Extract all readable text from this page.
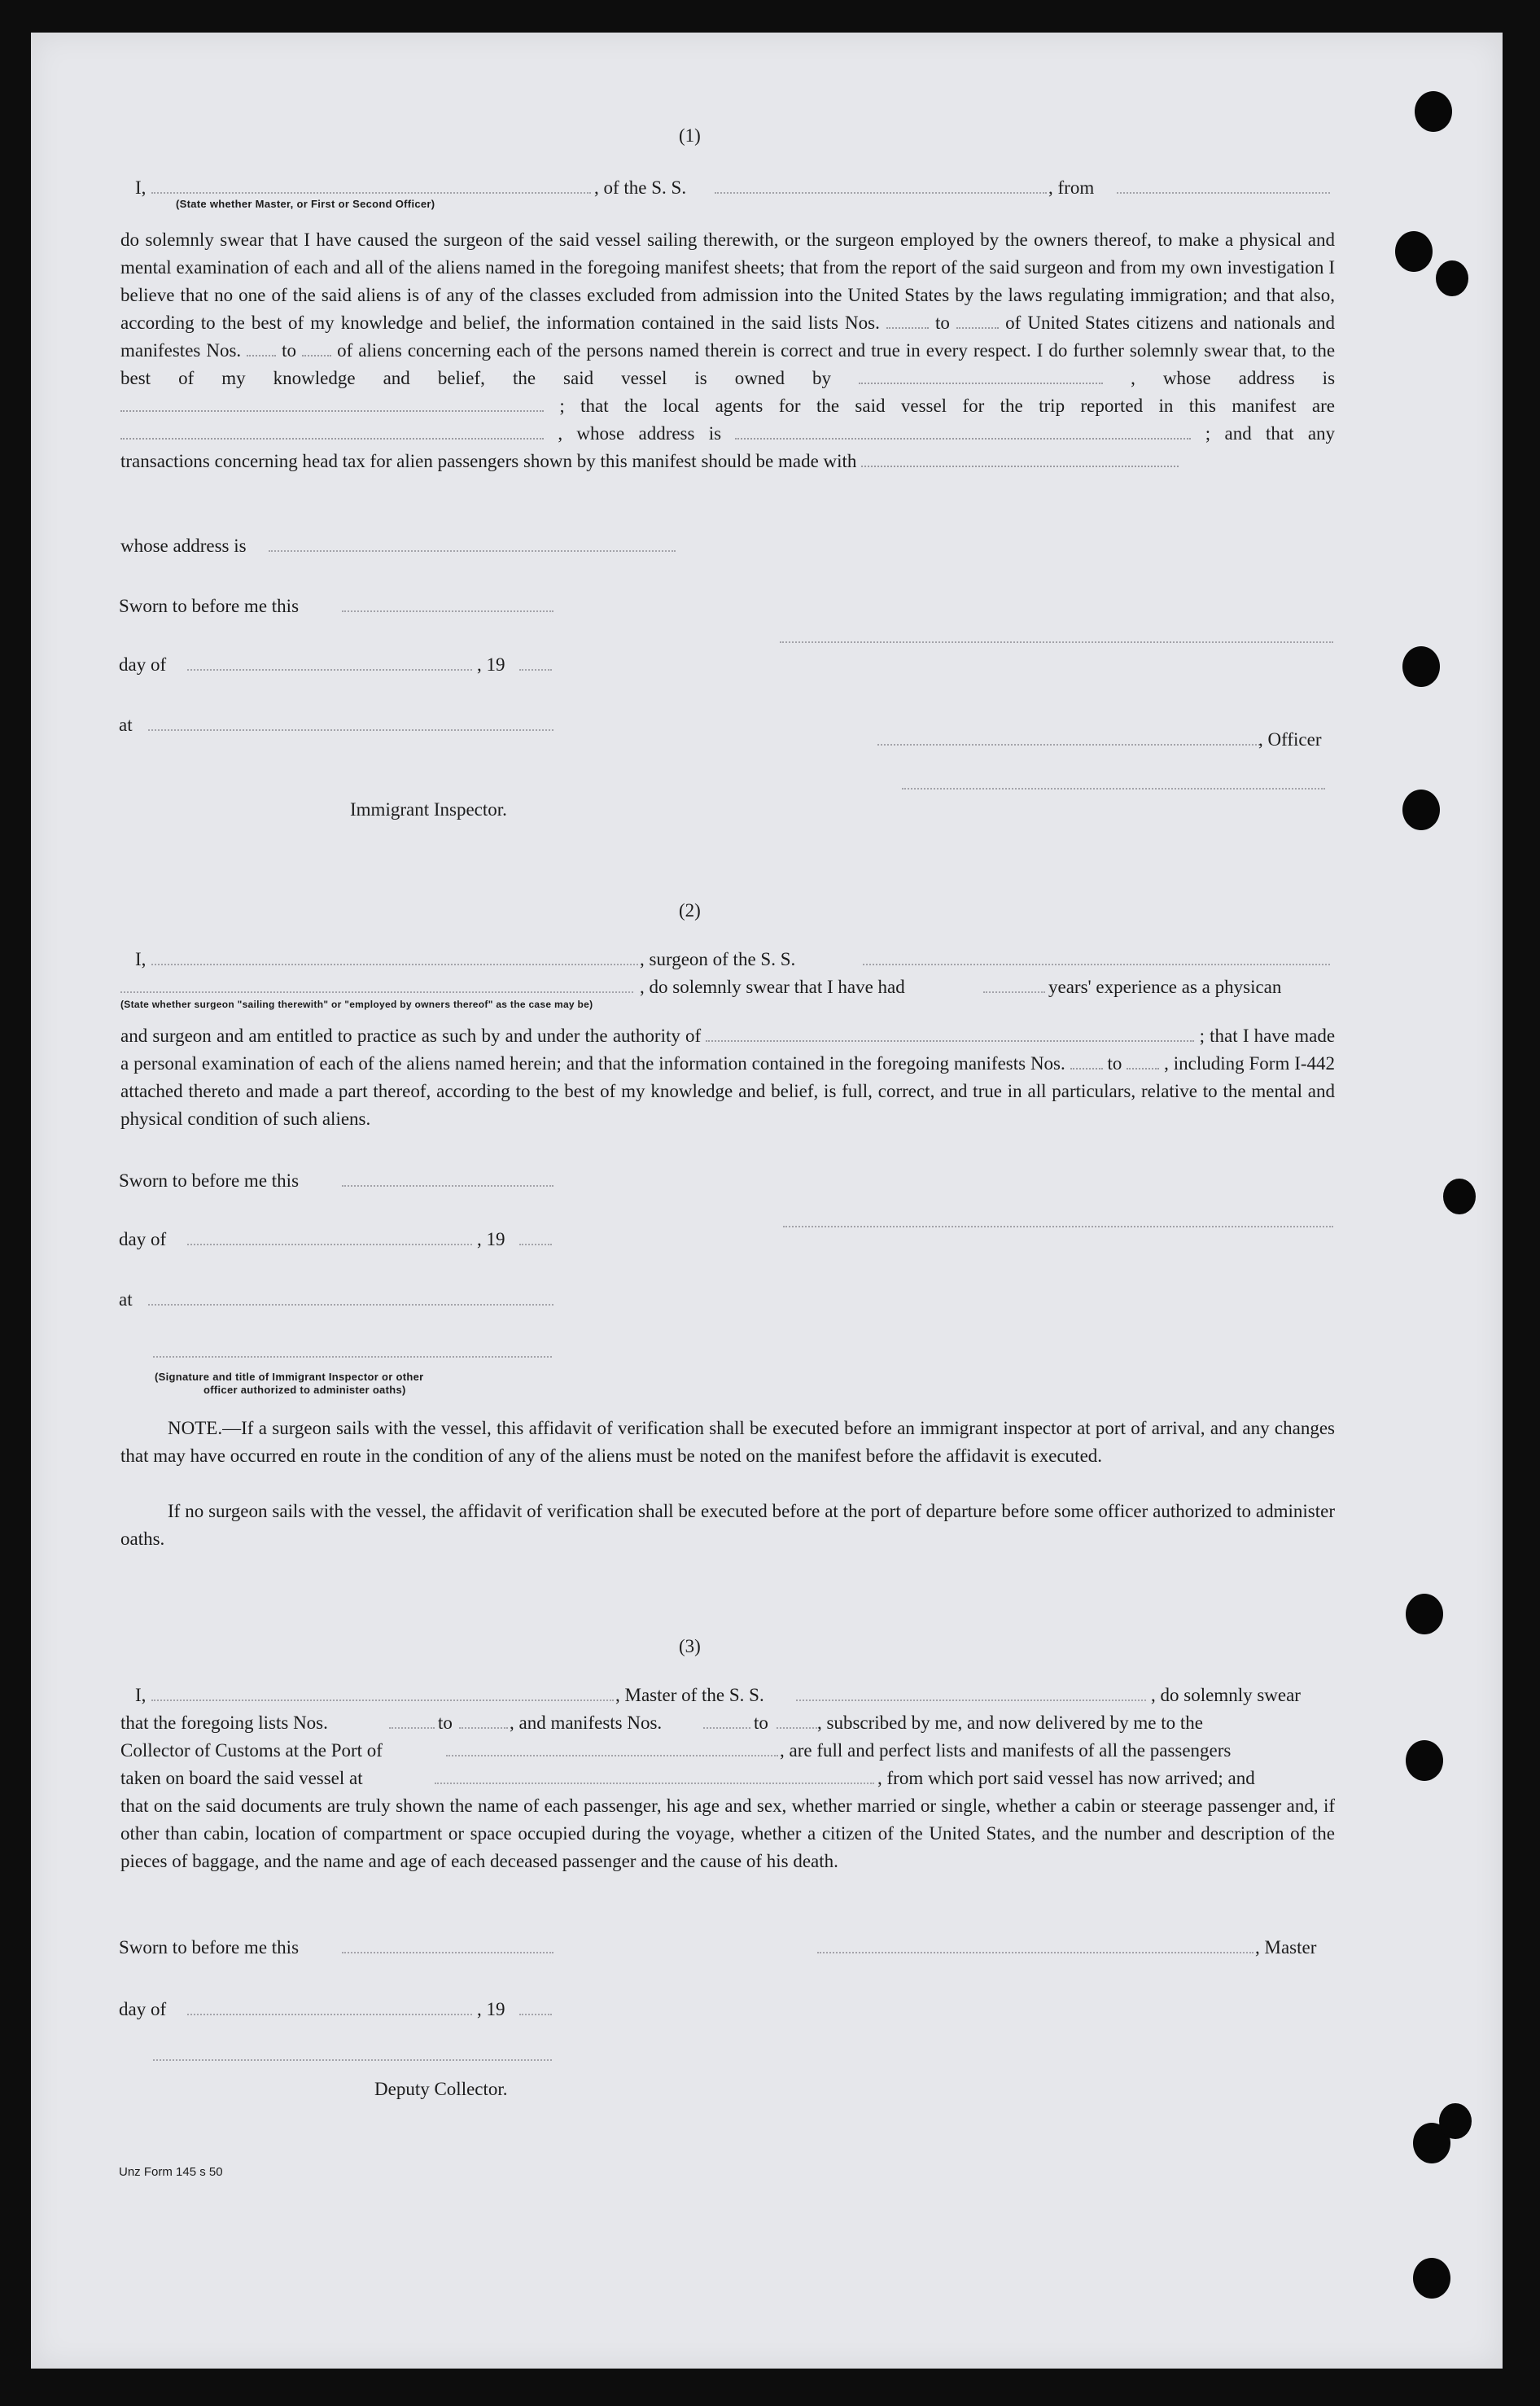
(1)
I,	, of the S. S.	, from
(State whether Master, or First or Second Officer)
do solemnly swear that I have caused the surgeon of the said vessel sailing therewith, or the surgeon employed by the owners thereof, to make a physical and mental examination of each and all of the aliens named in the foregoing manifest sheets; that from the report of the said surgeon and from my own investigation I believe that no one of the said aliens is of any of the classes excluded from admission into the United States by the laws regulating immigration; and that also, according to the best of my knowledge and belief, the information contained in the said lists Nos.	to	of United States citizens and nationals and manifestes Nos. to of aliens concerning each of the persons named therein is correct and true in every respect. I do further solemnly swear that, to the best of my knowledge and belief, the said vessel is owned by	, whose address is  ; that the local agents for the said vessel for the trip reported in this manifest are  , whose address is	; and that any transactions concerning head tax for alien passengers shown by this manifest should be made with
whose address is
Sworn to before me this
day of	, 19
at
, Officer
Immigrant Inspector.
(2)
I,	, surgeon of the S. S.
, do solemnly swear that I have had	years' experience as a physican
(State whether surgeon "sailing therewith" or "employed by owners thereof" as the case may be)
and surgeon and am entitled to practice as such by and under the authority of	; that I have made a personal examination of each of the aliens named herein; and that the information contained in the foregoing manifests Nos. to , including Form I-442 attached thereto and made a part thereof, according to the best of my knowledge and belief, is full, correct, and true in all particulars, relative to the mental and physical condition of such aliens.
Sworn to before me this
day of	, 19
at
(Signature and title of Immigrant Inspector or other
officer authorized to administer oaths)
NOTE.—If a surgeon sails with the vessel, this affidavit of verification shall be executed before an immigrant inspector at port of arrival, and any changes that may have occurred en route in the condition of any of the aliens must be noted on the manifest before the affidavit is executed.
If no surgeon sails with the vessel, the affidavit of verification shall be executed before at the port of departure before some officer authorized to administer oaths.
(3)
I,	, Master of the S. S.	, do solemnly swear
that the foregoing lists Nos.	to	, and manifests Nos.	to	, subscribed by me, and now delivered by me to the
Collector of Customs at the Port of	, are full and perfect lists and manifests of all the passengers
taken on board the said vessel at	, from which port said vessel has now arrived; and
that on the said documents are truly shown the name of each passenger, his age and sex, whether married or single, whether a cabin or steerage passenger and, if other than cabin, location of compartment or space occupied during the voyage, whether a citizen of the United States, and the number and description of the pieces of baggage, and the name and age of each deceased passenger and the cause of his death.
Sworn to before me this	, Master
day of	, 19
Deputy Collector.
Unz Form 145 s 50
